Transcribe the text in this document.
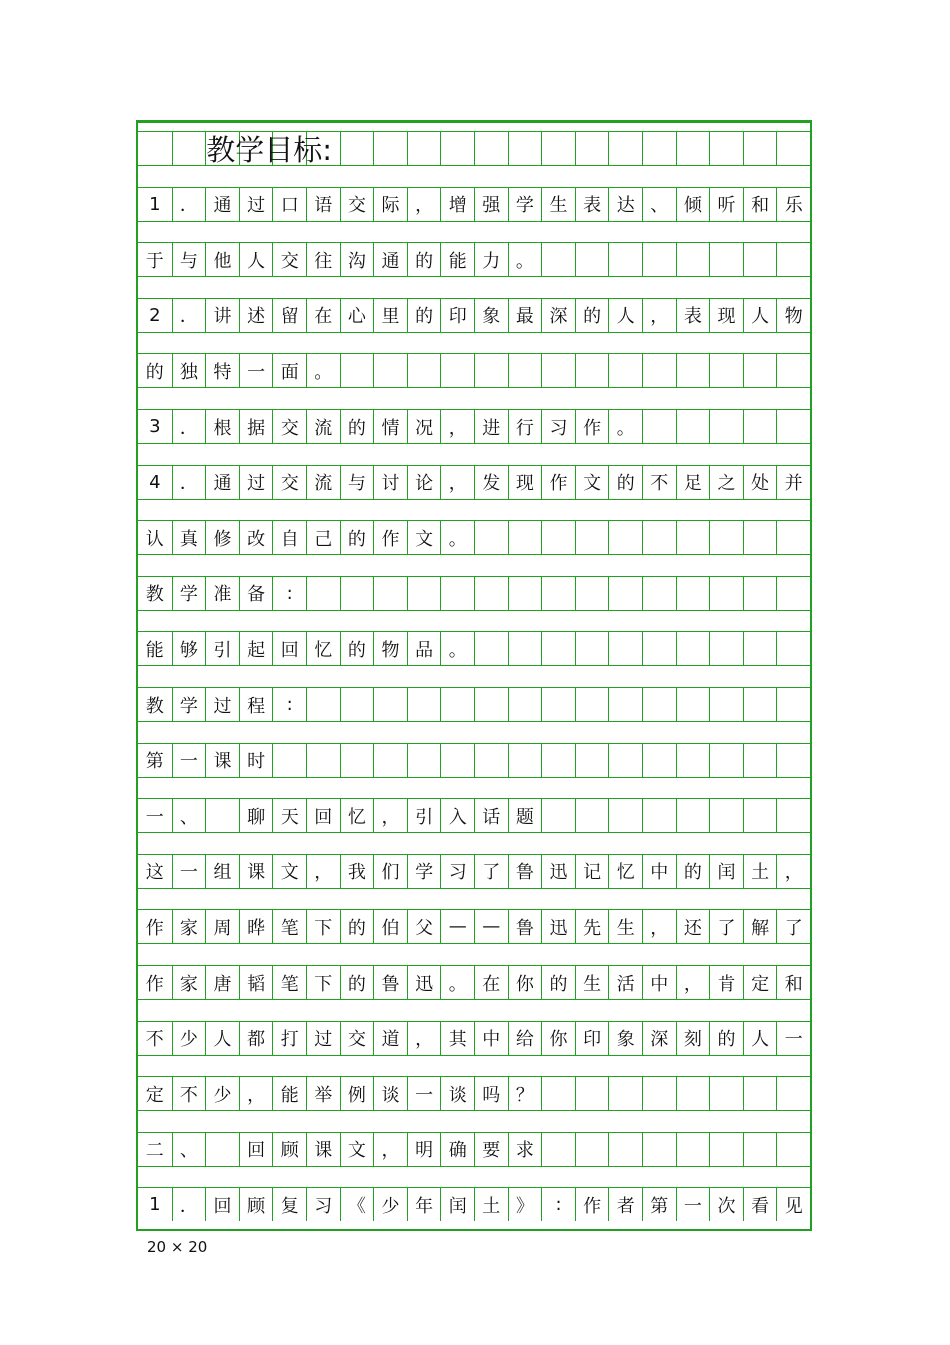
教学目标:
1	． 通 过 口 语 交 际 ， 增 强 学 生 表 达 、 倾 听 和 乐
于 与 他 人 交 往 沟 通 的 能 力 。
2	． 讲 述 留 在 心 里 的 印 象 最 深 的 人 ， 表 现 人 物
的 独 特 一 面 。
3	． 根 据 交 流 的 情 况 ， 进 行 习 作 。
4	． 通 过 交 流 与 讨 论 ， 发 现 作 文 的 不 足 之 处 并
认 真 修 改 自 己 的 作 文 。
教 学 准 备	:
能 够 引 起 回 忆 的 物 品 。
教 学 过 程	:
第 一 课 时
一 、	聊 天 回 忆 ， 引 入 话 题
这 一 组 课 文 ， 我 们 学 习 了 鲁 迅 记 忆 中 的 闰 土 ，
作 家 周 晔 笔 下 的 伯 父 — — 鲁 迅 先 生 ， 还 了 解 了
作 家 唐 韬 笔 下 的 鲁 迅 。 在 你 的 生 活 中 ， 肯 定 和
不 少 人 都 打 过 交 道 ， 其 中 给 你 印 象 深 刻 的 人 一
定 不 少 ， 能 举 例 谈 一 谈 吗 ？
二 、	回 顾 课 文 ， 明 确 要 求
1	． 回 顾 复 习 《 少 年 闰 土 》	:	作 者 第 一 次 看 见
20 × 20
